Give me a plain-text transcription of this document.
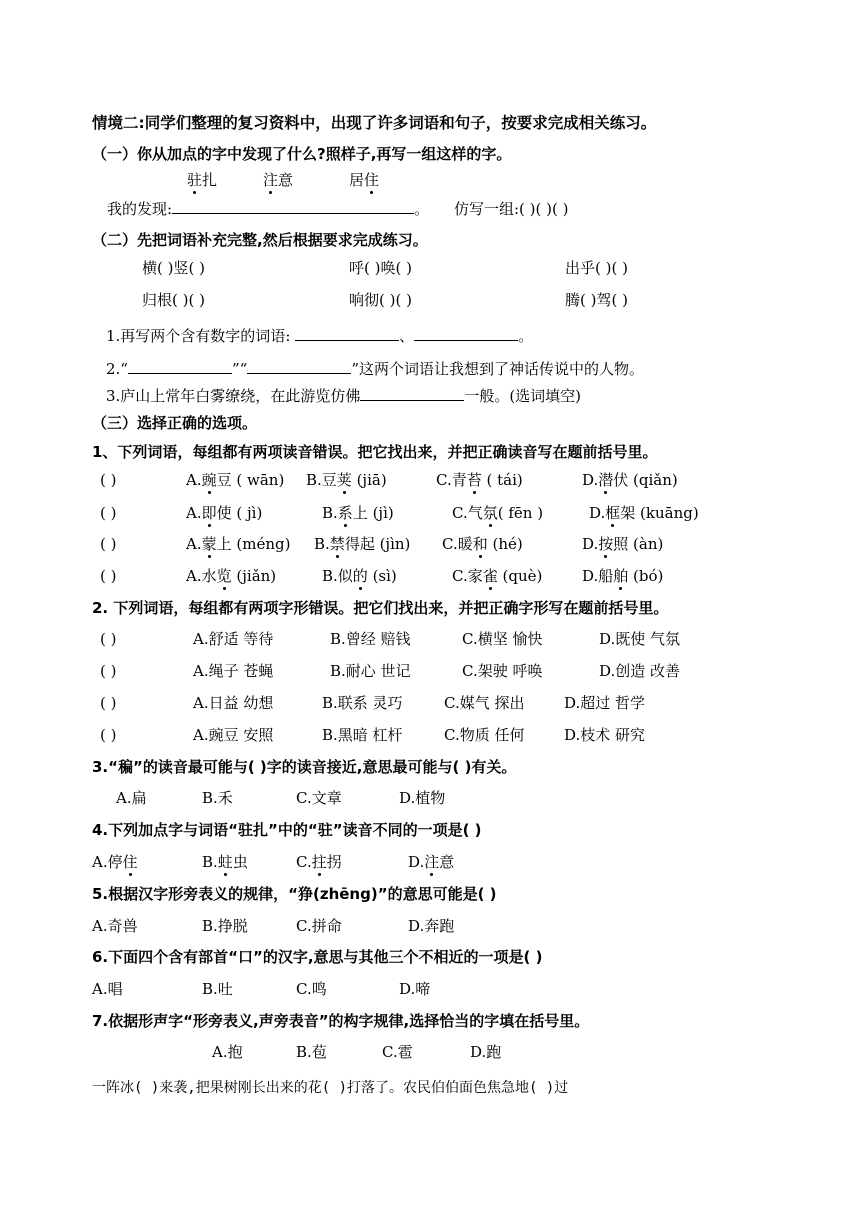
情境二:同学们整理的复习资料中，出现了许多词语和句子，按要求完成相关练习。
（一）你从加点的字中发现了什么?照样子,再写一组这样的字。
驻扎	注意	居住
我的发现:	。 仿写一组:( )( )( )
（二）先把词语补充完整,然后根据要求完成练习。
横( )竖( )	呼( )唤( )	出乎( )( )
归根( )( )	响彻( )( )	腾( )驾( )
1.再写两个含有数字的词语:	、	。
2.“	”“	”这两个词语让我想到了神话传说中的人物。
3.庐山上常年白雾缭绕，在此游览仿佛	一般。(选词填空)
（三）选择正确的选项。
1、下列词语，每组都有两项读音错误。把它找出来，并把正确读音写在题前括号里。
( )	A.豌豆 ( wān) B.豆荚 (jiā)	C.青苔 ( tái)	D.潜伏 (qiǎn)
( )	A.即使 ( jì)	B.系上 (jì)	C.气氛( fēn )	D.框架 (kuāng)
( )	A.蒙上 (méng) B.禁得起 (jìn) C.暖和 (hé)	D.按照 (àn)
( )	A.水览 (jiǎn)	B.似的 (sì)	C.家雀 (què)	D.船舶 (bó)
2. 下列词语，每组都有两项字形错误。把它们找出来，并把正确字形写在题前括号里。
( )	A.舒适 等待	B.曾经 赔钱	C.横坚 愉快	D.既使 气氛
( )	A.绳子 苍蝇	B.耐心 世记	C.架驶 呼唤	D.创造 改善
( )	A.日益 幼想	B.联系 灵巧	C.媒气 探出	D.超过 哲学
( )	A.豌豆 安照	B.黑暗 杠杆	C.物质 任何	D.枝术 研究
3.“稨”的读音最可能与( )字的读音接近,意思最可能与( )有关。
A.扁	B.禾	C.文章	D.植物
4.下列加点字与词语“驻扎”中的“驻”读音不同的一项是( )
A.停住	B.蛀虫	C.拄拐	D.注意
5.根据汉字形旁表义的规律，“狰(zhēng)”的意思可能是( )
A.奇兽	B.挣脱	C.拼命	D.奔跑
6.下面四个含有部首“口”的汉字,意思与其他三个不相近的一项是( )
A.唱	B.吐	C.鸣	D.啼
7.依据形声字“形旁表义,声旁表音”的构字规律,选择恰当的字填在括号里。
A.抱	B.苞	C.雹	D.跑
一阵冰( )来袭,把果树刚长出来的花( )打落了。农民伯伯面色焦急地( )过
